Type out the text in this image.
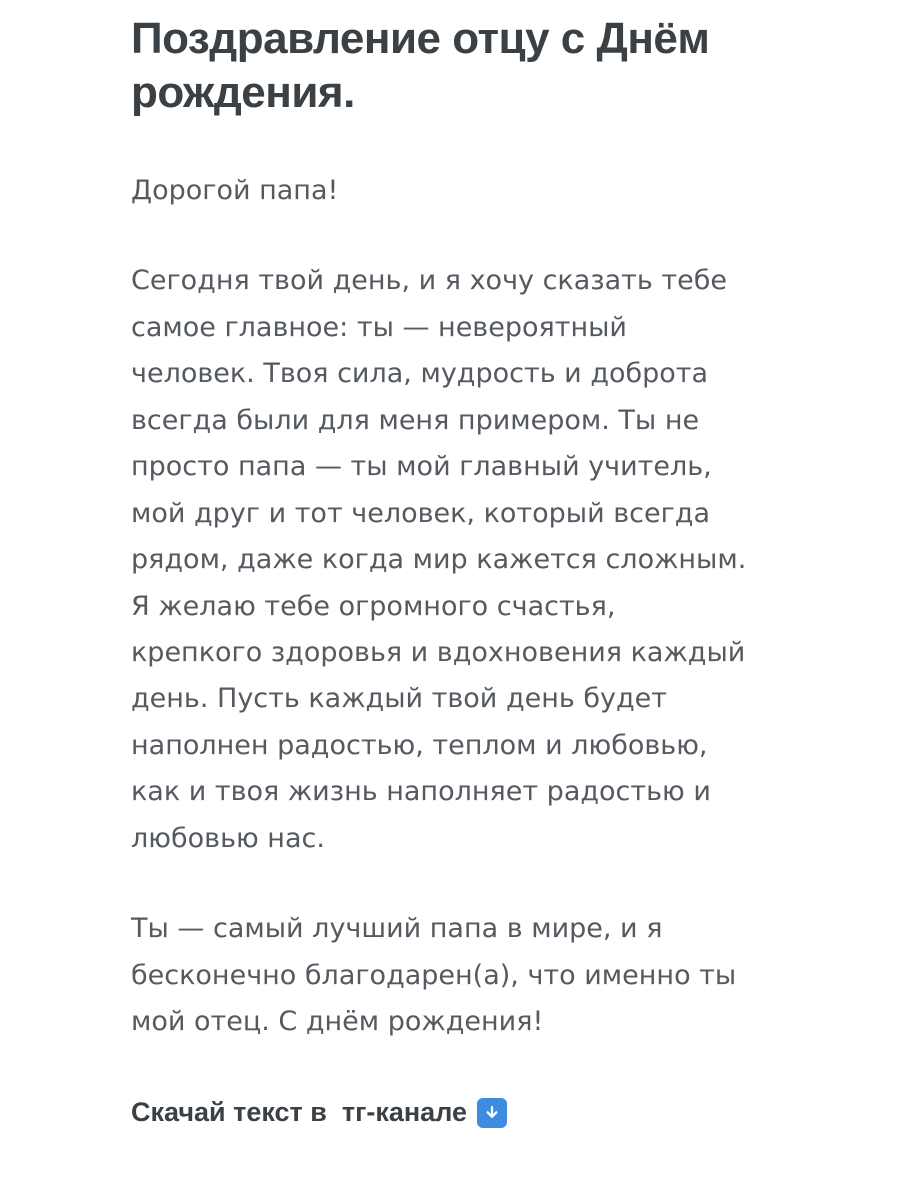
Поздравление отцу с Днём рождения.

Дорогой папа!

Сегодня твой день, и я хочу сказать тебе самое главное: ты — невероятный человек. Твоя сила, мудрость и доброта всегда были для меня примером. Ты не просто папа — ты мой главный учитель, мой друг и тот человек, который всегда рядом, даже когда мир кажется сложным.

Я желаю тебе огромного счастья, крепкого здоровья и вдохновения каждый день. Пусть каждый твой день будет наполнен радостью, теплом и любовью, как и твоя жизнь наполняет радостью и любовью нас.

Ты — самый лучший папа в мире, и я бесконечно благодарен(а), что именно ты мой отец. С днём рождения!

Скачай текст в  тг-канале
